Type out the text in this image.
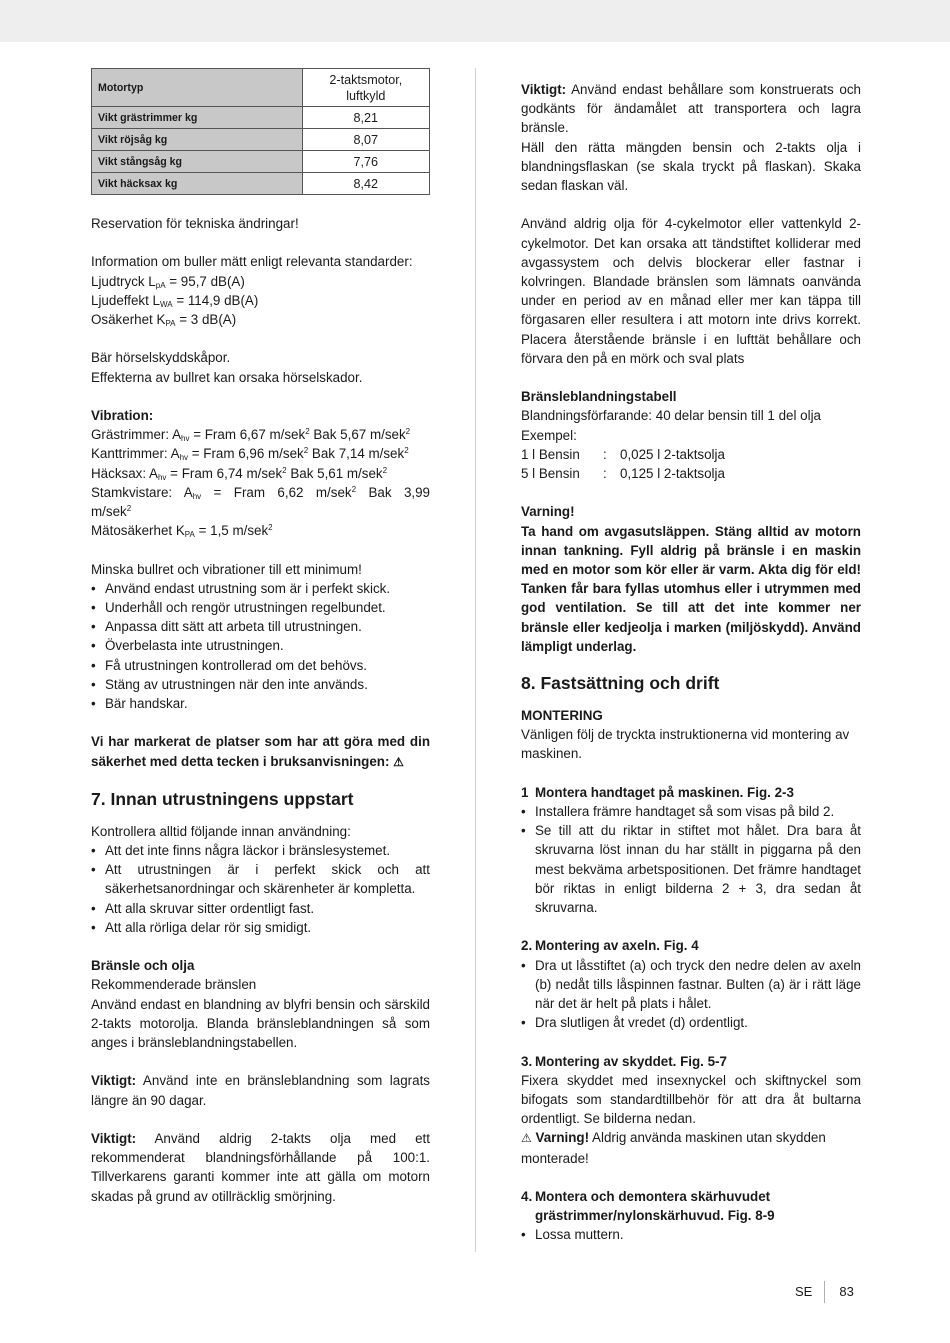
Motortyp	2-taktsmotor, luftkyld
Vikt grästrimmer kg	8,21
Vikt röjsåg kg	8,07
Vikt stångsåg kg	7,76
Vikt häcksax kg	8,42

Reservation för tekniska ändringar!

Information om buller mätt enligt relevanta standarder:

Ljudtryck $L_{pA} = 95,7$ dB(A)

Ljudeffekt $L_{WA} = 114,9$ dB(A)

Osäkerhet $K_{PA} = 3$ dB(A)

Bär hörselskyddskåpor.

Effekterna av bullret kan orsaka hörselskador.

Vibration:

Grästrimmer: $A_{hv}$ = Fram 6,67 m/sek$^2$ Bak 5,67 m/sek$^2$

Kanttrimmer: $A_{hv}$ = Fram 6,96 m/sek$^2$ Bak 7,14 m/sek$^2$

Häcksax: $A_{hv}$ = Fram 6,74 m/sek$^2$ Bak 5,61 m/sek$^2$

Stamkvistare: $A_{hv}$ = Fram 6,62 m/sek$^2$ Bak 3,99 m/sek$^2$

Mätosäkerhet $K_{PA} = 1,5$ m/sek$^2$

Minska bullret och vibrationer till ett minimum!

• Använd endast utrustning som är i perfekt skick.
• Underhåll och rengör utrustningen regelbundet.
• Anpassa ditt sätt att arbeta till utrustningen.
• Överbelasta inte utrustningen.
• Få utrustningen kontrollerad om det behövs.
• Stäng av utrustningen när den inte används.
• Bär handskar.

Vi har markerat de platser som har att göra med din säkerhet med detta tecken i bruksanvisningen: ⚠

7. Innan utrustningens uppstart

Kontrollera alltid följande innan användning:

• Att det inte finns några läckor i bränslesystemet.
• Att utrustningen är i perfekt skick och att säkerhetsanordningar och skärenheter är kompletta.
• Att alla skruvar sitter ordentligt fast.
• Att alla rörliga delar rör sig smidigt.

Bränsle och olja

Rekommenderade bränslen

Använd endast en blandning av blyfri bensin och särskild 2-takts motorolja. Blanda bränsleblandningen så som anges i bränsleblandningstabellen.

Viktigt: Använd inte en bränsleblandning som lagrats längre än 90 dagar.

Viktigt: Använd aldrig 2-takts olja med ett rekommenderat blandningsförhållande på 100:1. Tillverkarens garanti kommer inte att gälla om motorn skadas på grund av otillräcklig smörjning.

Viktigt: Använd endast behållare som konstruerats och godkänts för ändamålet att transportera och lagra bränsle.

Häll den rätta mängden bensin och 2-takts olja i blandningsflaskan (se skala tryckt på flaskan). Skaka sedan flaskan väl.

Använd aldrig olja för 4-cykelmotor eller vattenkyld 2-cykelmotor. Det kan orsaka att tändstiftet kolliderar med avgassystem och delvis blockerar eller fastnar i kolvringen. Blandade bränslen som lämnats oanvända under en period av en månad eller mer kan täppa till förgasaren eller resultera i att motorn inte drivs korrekt. Placera återstående bränsle i en lufttät behållare och förvara den på en mörk och sval plats

Bränsleblandningstabell

Blandningsförfarande: 40 delar bensin till 1 del olja

Exempel:

1 l Bensin	: 0,025 l 2-taktsolja
5 l Bensin	: 0,125 l 2-taktsolja

Varning!

Ta hand om avgasutsläppen. Stäng alltid av motorn innan tankning. Fyll aldrig på bränsle i en maskin med en motor som kör eller är varm. Akta dig för eld! Tanken får bara fyllas utomhus eller i utrymmen med god ventilation. Se till att det inte kommer ner bränsle eller kedjeolja i marken (miljöskydd). Använd lämpligt underlag.

8. Fastsättning och drift

MONTERING

Vänligen följ de tryckta instruktionerna vid montering av maskinen.

1 Montera handtaget på maskinen. Fig. 2-3
• Installera främre handtaget så som visas på bild 2.
• Se till att du riktar in stiftet mot hålet. Dra bara åt skruvarna löst innan du har ställt in piggarna på den mest bekväma arbetspositionen. Det främre handtaget bör riktas in enligt bilderna 2 + 3, dra sedan åt skruvarna.
2. Montering av axeln. Fig. 4
• Dra ut låsstiftet (a) och tryck den nedre delen av axeln (b) nedåt tills låspinnen fastnar. Bulten (a) är i rätt läge när det är helt på plats i hålet.
• Dra slutligen åt vredet (d) ordentligt.
3. Montering av skyddet. Fig. 5-7

Fixera skyddet med insexnyckel och skiftnyckel som bifogats som standardtillbehör för att dra åt bultarna ordentligt. Se bilderna nedan.

⚠ Varning! Aldrig använda maskinen utan skydden monterade!

4. Montera och demontera skärhuvudet grästrimmer/nylonskärhuvud. Fig. 8-9
• Lossa muttern.
SE 83
